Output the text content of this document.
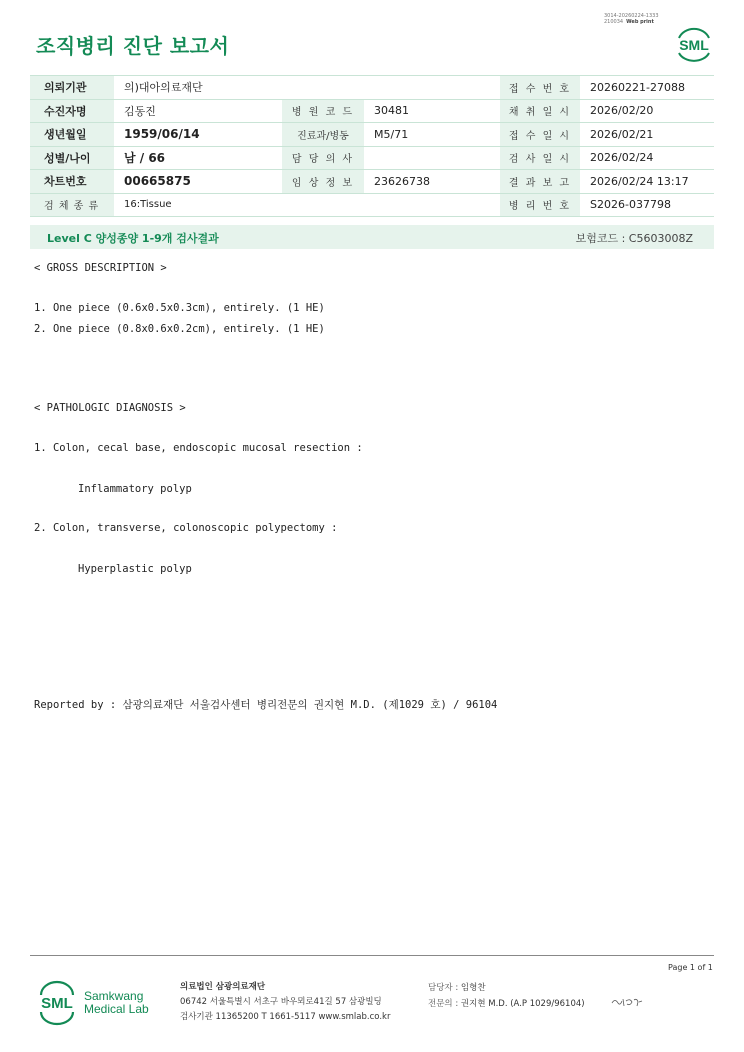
3014-20260224-1333
210034 Web print
조직병리 진단 보고서	SML
의뢰기관	의)대아의료재단			접 수 번 호	20260221-27088
수진자명	김동진	병 원 코 드	30481	채 취 일 시	2026/02/20
생년월일	1959/06/14	진료과/병동	M5/71	접 수 일 시	2026/02/21
성별/나이	남 / 66	담 당 의 사		검 사 일 시	2026/02/24
차트번호	00665875	임 상 정 보	23626738	결 과 보 고	2026/02/24 13:17
검 체 종 류	16:Tissue			병 리 번 호	S2026-037798
Level C 양성종양 1-9개 검사결과	보험코드 : C5603008Z
< GROSS DESCRIPTION >
1. One piece (0.6x0.5x0.3cm), entirely. (1 HE)
2. One piece (0.8x0.6x0.2cm), entirely. (1 HE)
< PATHOLOGIC DIAGNOSIS >
1. Colon, cecal base, endoscopic mucosal resection :
Inflammatory polyp
2. Colon, transverse, colonoscopic polypectomy :
Hyperplastic polyp
Reported by : 삼광의료재단 서울검사센터 병리전문의 권지현 M.D. (제1029 호) / 96104
Page 1 of 1
SML Samkwang
Medical Lab
의료법인 삼광의료재단
06742 서울특별시 서초구 바우뫼로41길 57 삼광빌딩
검사기관 11365200 T 1661-5117 www.smlab.co.kr
담당자 : 임형찬
전문의 : 권지현 M.D. (A.P 1029/96104)
